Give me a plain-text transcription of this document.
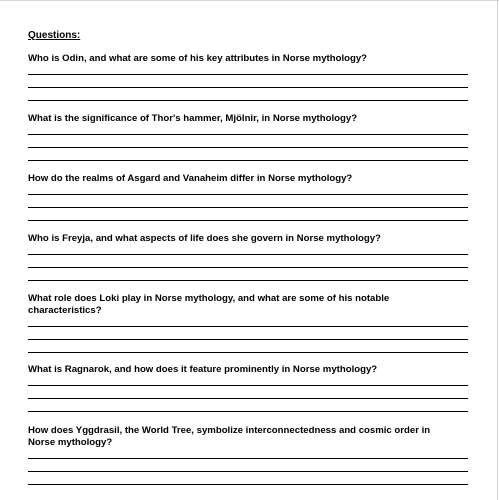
Questions:
Who is Odin, and what are some of his key attributes in Norse mythology?
What is the significance of Thor's hammer, Mjölnir, in Norse mythology?
How do the realms of Asgard and Vanaheim differ in Norse mythology?
Who is Freyja, and what aspects of life does she govern in Norse mythology?
What role does Loki play in Norse mythology, and what are some of his notable characteristics?
What is Ragnarok, and how does it feature prominently in Norse mythology?
How does Yggdrasil, the World Tree, symbolize interconnectedness and cosmic order in Norse mythology?
